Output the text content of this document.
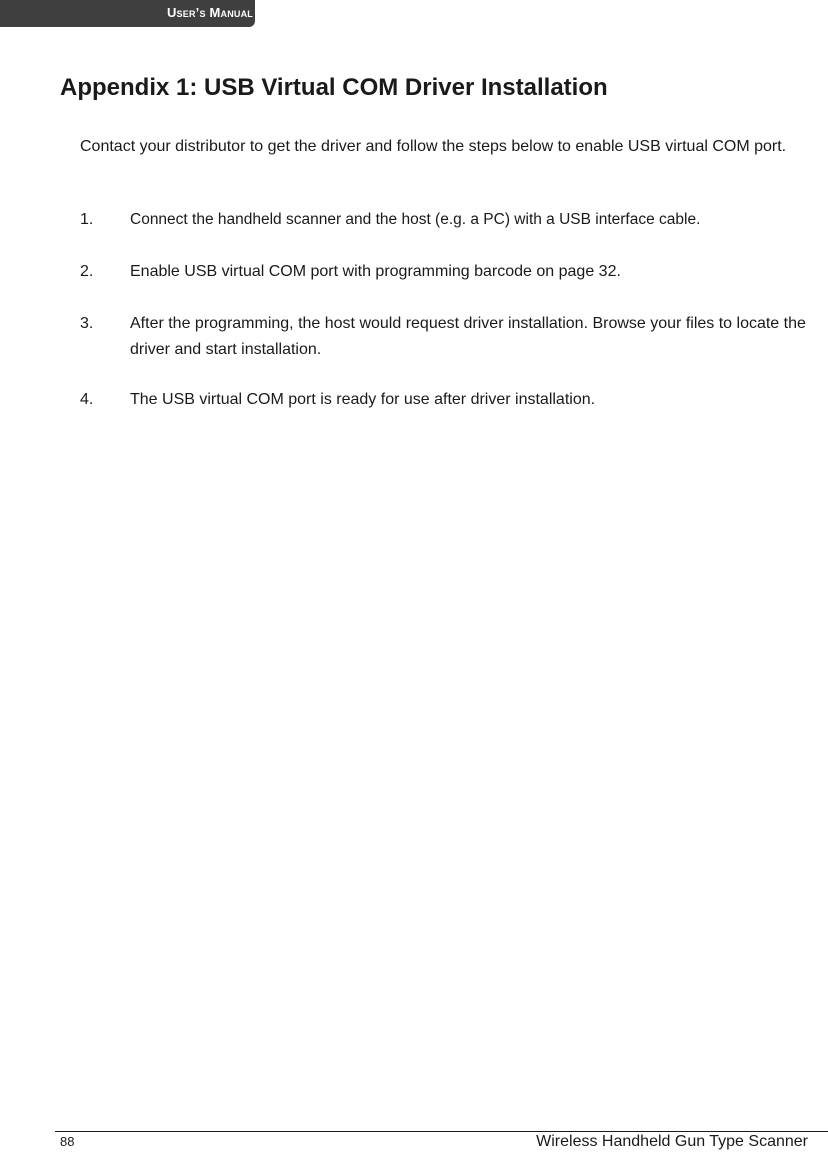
User’s Manual
Appendix 1: USB Virtual COM Driver Installation

Contact your distributor to get the driver and follow the steps below to enable USB virtual COM port.

1. Connect the handheld scanner and the host (e.g. a PC) with a USB interface cable.
2. Enable USB virtual COM port with programming barcode on page 32.
3. After the programming, the host would request driver installation. Browse your files to locate the driver and start installation.
4. The USB virtual COM port is ready for use after driver installation.
88	Wireless Handheld Gun Type Scanner
